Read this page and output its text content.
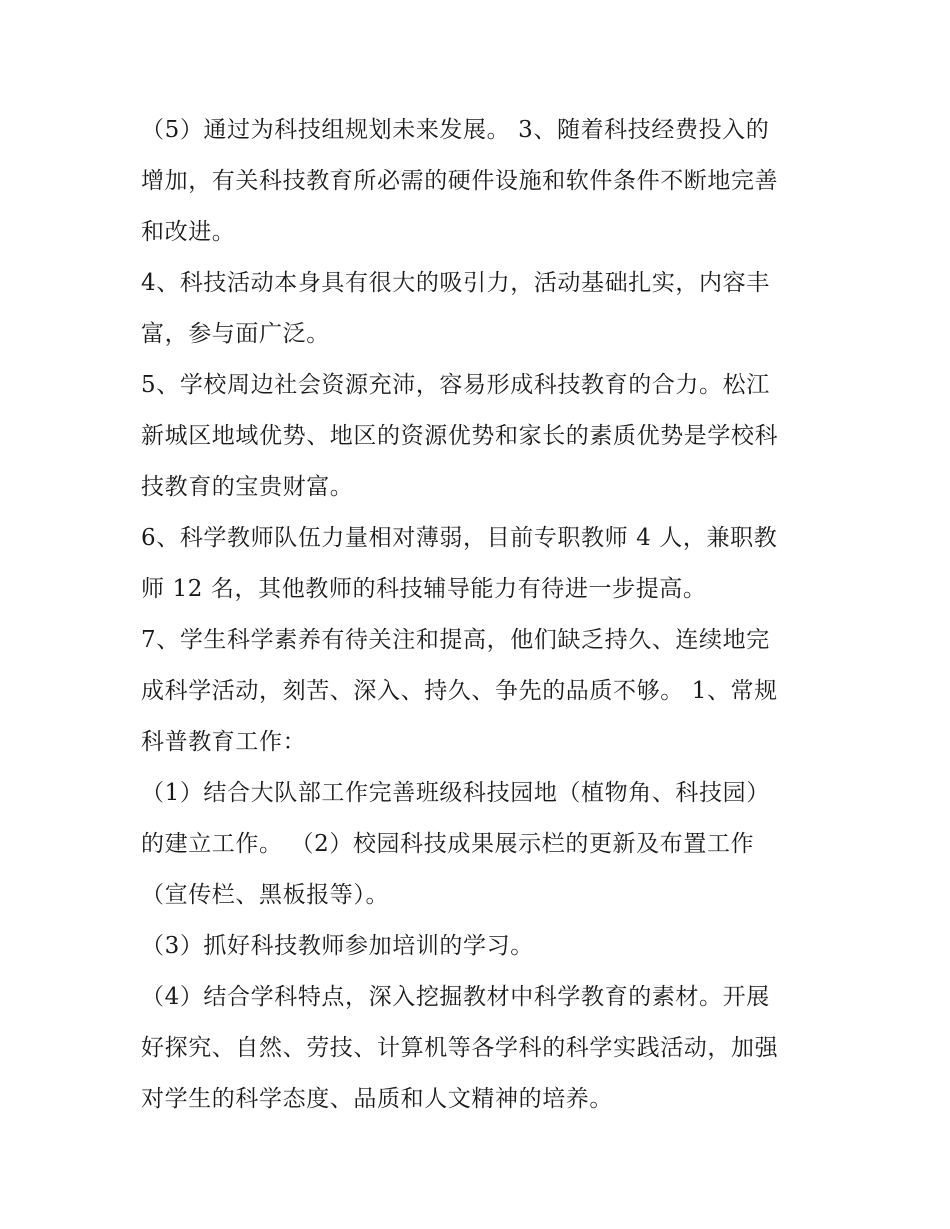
（5）通过为科技组规划未来发展。 3、随着科技经费投入的
增加，有关科技教育所必需的硬件设施和软件条件不断地完善
和改进。
4、科技活动本身具有很大的吸引力，活动基础扎实，内容丰
富，参与面广泛。
5、学校周边社会资源充沛，容易形成科技教育的合力。松江
新城区地域优势、地区的资源优势和家长的素质优势是学校科
技教育的宝贵财富。
6、科学教师队伍力量相对薄弱，目前专职教师 4 人，兼职教
师 12 名，其他教师的科技辅导能力有待进一步提高。
7、学生科学素养有待关注和提高，他们缺乏持久、连续地完
成科学活动，刻苦、深入、持久、争先的品质不够。 1、常规
科普教育工作：
（1）结合大队部工作完善班级科技园地（植物角、科技园）
的建立工作。 （2）校园科技成果展示栏的更新及布置工作
（宣传栏、黑板报等）。
（3）抓好科技教师参加培训的学习。
（4）结合学科特点，深入挖掘教材中科学教育的素材。开展
好探究、自然、劳技、计算机等各学科的科学实践活动，加强
对学生的科学态度、品质和人文精神的培养。
